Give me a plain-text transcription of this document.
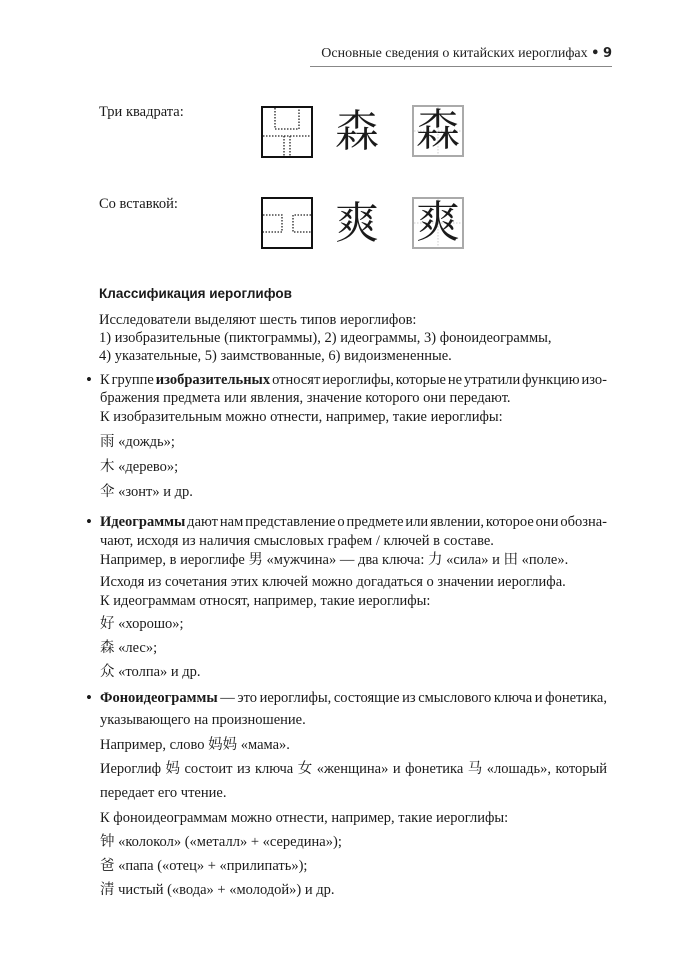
Основные сведения о китайских иероглифах • 9
Три квадрата:	森 森
Со вставкой:	爽 爽
Классификация иероглифов
Исследователи выделяют шесть типов иероглифов:
1) изобразительные (пиктограммы), 2) идеограммы, 3) фоноидеограммы,
4) указательные, 5) заимствованные, 6) видоизмененные.
• К группе изобразительных относят иероглифы, которые не утратили функцию изо-
бражения предмета или явления, значение которого они передают.
К изобразительным можно отнести, например, такие иероглифы:
雨 «дождь»;
木 «дерево»;
伞 «зонт» и др.
• Идеограммы дают нам представление о предмете или явлении, которое они обозна-
чают, исходя из наличия смысловых графем / ключей в составе.
Например, в иероглифе 男 «мужчина» — два ключа: 力 «сила» и 田 «поле».
Исходя из сочетания этих ключей можно догадаться о значении иероглифа.
К идеограммам относят, например, такие иероглифы:
好 «хорошо»;
森 «лес»;
众 «толпа» и др.
• Фоноидеограммы — это иероглифы, состоящие из смыслового ключа и фонетика,
указывающего на произношение.
Например, слово 妈妈 «мама».
Иероглиф 妈 состоит из ключа 女 «женщина» и фонетика 马 «лошадь», который
передает его чтение.
К фоноидеограммам можно отнести, например, такие иероглифы:
钟 «колокол» («металл» + «середина»);
爸 «папа («отец» + «прилипать»);
清 чистый («вода» + «молодой») и др.
